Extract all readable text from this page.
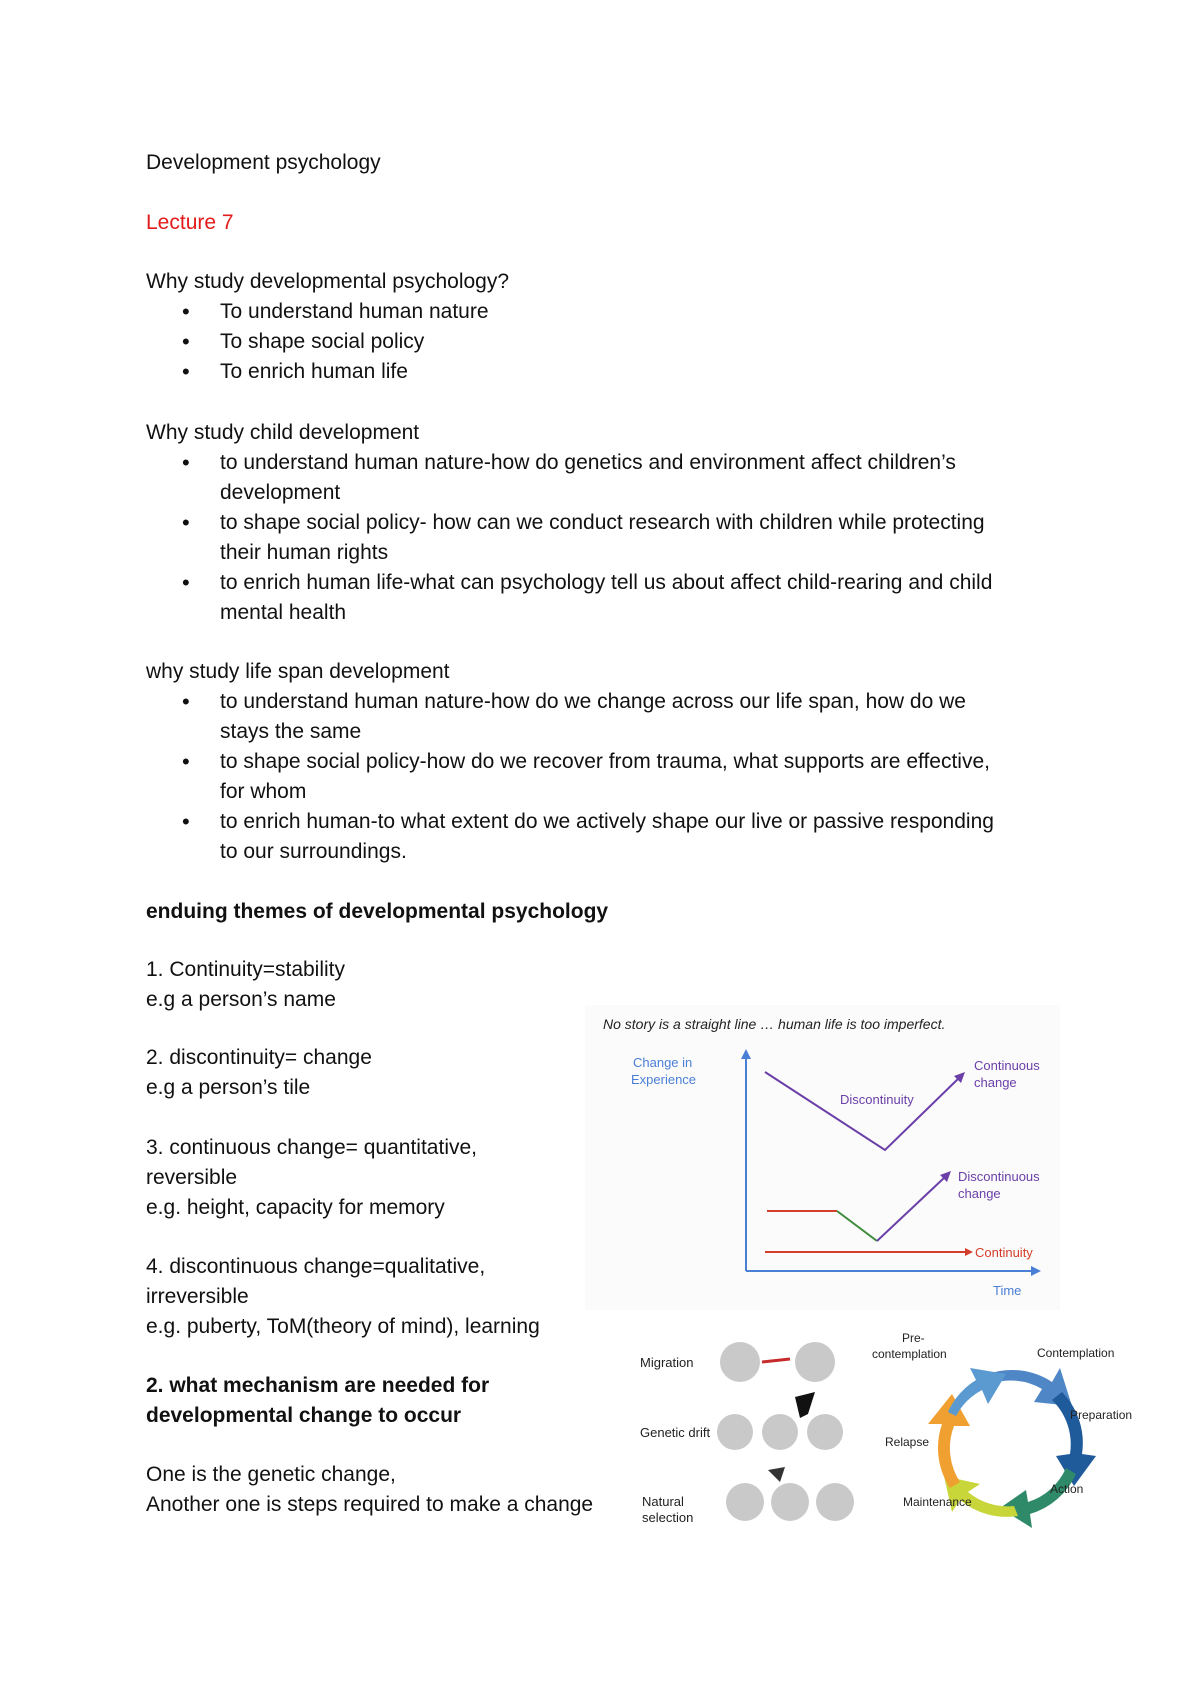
Development psychology
Lecture 7
Why study developmental psychology?
• To understand human nature
• To shape social policy
• To enrich human life
Why study child development
• to understand human nature-how do genetics and environment affect children’s
development
• to shape social policy- how can we conduct research with children while protecting
their human rights
• to enrich human life-what can psychology tell us about affect child-rearing and child
mental health
why study life span development
• to understand human nature-how do we change across our life span, how do we
stays the same
• to shape social policy-how do we recover from trauma, what supports are effective,
for whom
• to enrich human-to what extent do we actively shape our live or passive responding
to our surroundings.
enduing themes of developmental psychology
1. Continuity=stability
e.g a person’s name
2. discontinuity= change
e.g a person’s tile
3. continuous change= quantitative,
reversible
e.g. height, capacity for memory
4. discontinuous change=qualitative,
irreversible
e.g. puberty, ToM(theory of mind), learning
2. what mechanism are needed for
developmental change to occur
One is the genetic change,
Another one is steps required to make a change
No story is a straight line … human life is too imperfect.
Change in
Experience
Time
Discontinuity
Continuous
change
Discontinuous
change
Continuity
Migration
Genetic drift
Natural
selection
Pre-
contemplation	Contemplation
Preparation
Relapse
Action
Maintenance
